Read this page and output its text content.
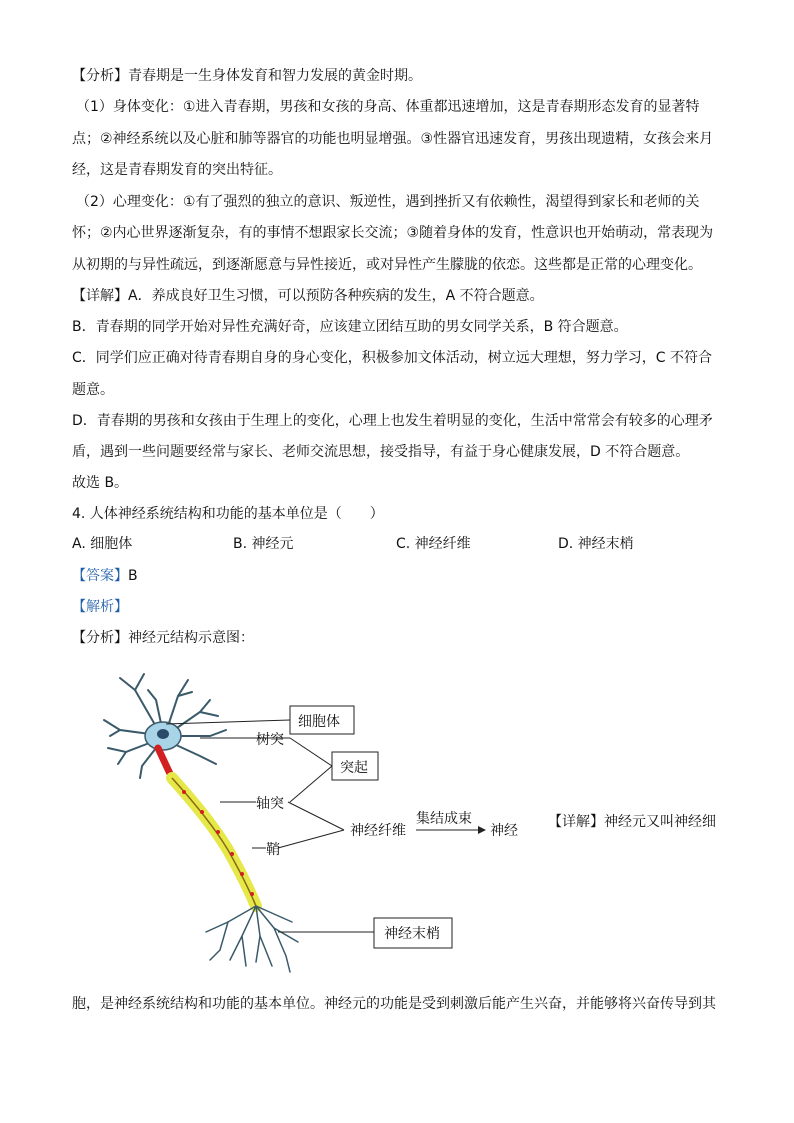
【分析】青春期是一生身体发育和智力发展的黄金时期。
（1）身体变化：①进入青春期，男孩和女孩的身高、体重都迅速增加，这是青春期形态发育的显著特
点；②神经系统以及心脏和肺等器官的功能也明显增强。③性器官迅速发育，男孩出现遗精，女孩会来月
经，这是青春期发育的突出特征。
（2）心理变化：①有了强烈的独立的意识、叛逆性，遇到挫折又有依赖性，渴望得到家长和老师的关
怀；②内心世界逐渐复杂，有的事情不想跟家长交流；③随着身体的发育，性意识也开始萌动，常表现为
从初期的与异性疏远，到逐渐愿意与异性接近，或对异性产生朦胧的依恋。这些都是正常的心理变化。
【详解】A．养成良好卫生习惯，可以预防各种疾病的发生，A 不符合题意。
B．青春期的同学开始对异性充满好奇，应该建立团结互助的男女同学关系，B 符合题意。
C．同学们应正确对待青春期自身的身心变化，积极参加文体活动，树立远大理想，努力学习，C 不符合
题意。
D．青春期的男孩和女孩由于生理上的变化，心理上也发生着明显的变化，生活中常常会有较多的心理矛
盾，遇到一些问题要经常与家长、老师交流思想，接受指导，有益于身心健康发展，D 不符合题意。
故选 B。
4. 人体神经系统结构和功能的基本单位是（　　）
A. 细胞体	B. 神经元	C. 神经纤维	D. 神经末梢
【答案】B
【解析】
【分析】神经元结构示意图：
细胞体
树突
突起
轴突
鞘
神经纤维
集结成束
神经
神经末梢
【详解】神经元又叫神经细
胞，是神经系统结构和功能的基本单位。神经元的功能是受到刺激后能产生兴奋，并能够将兴奋传导到其
